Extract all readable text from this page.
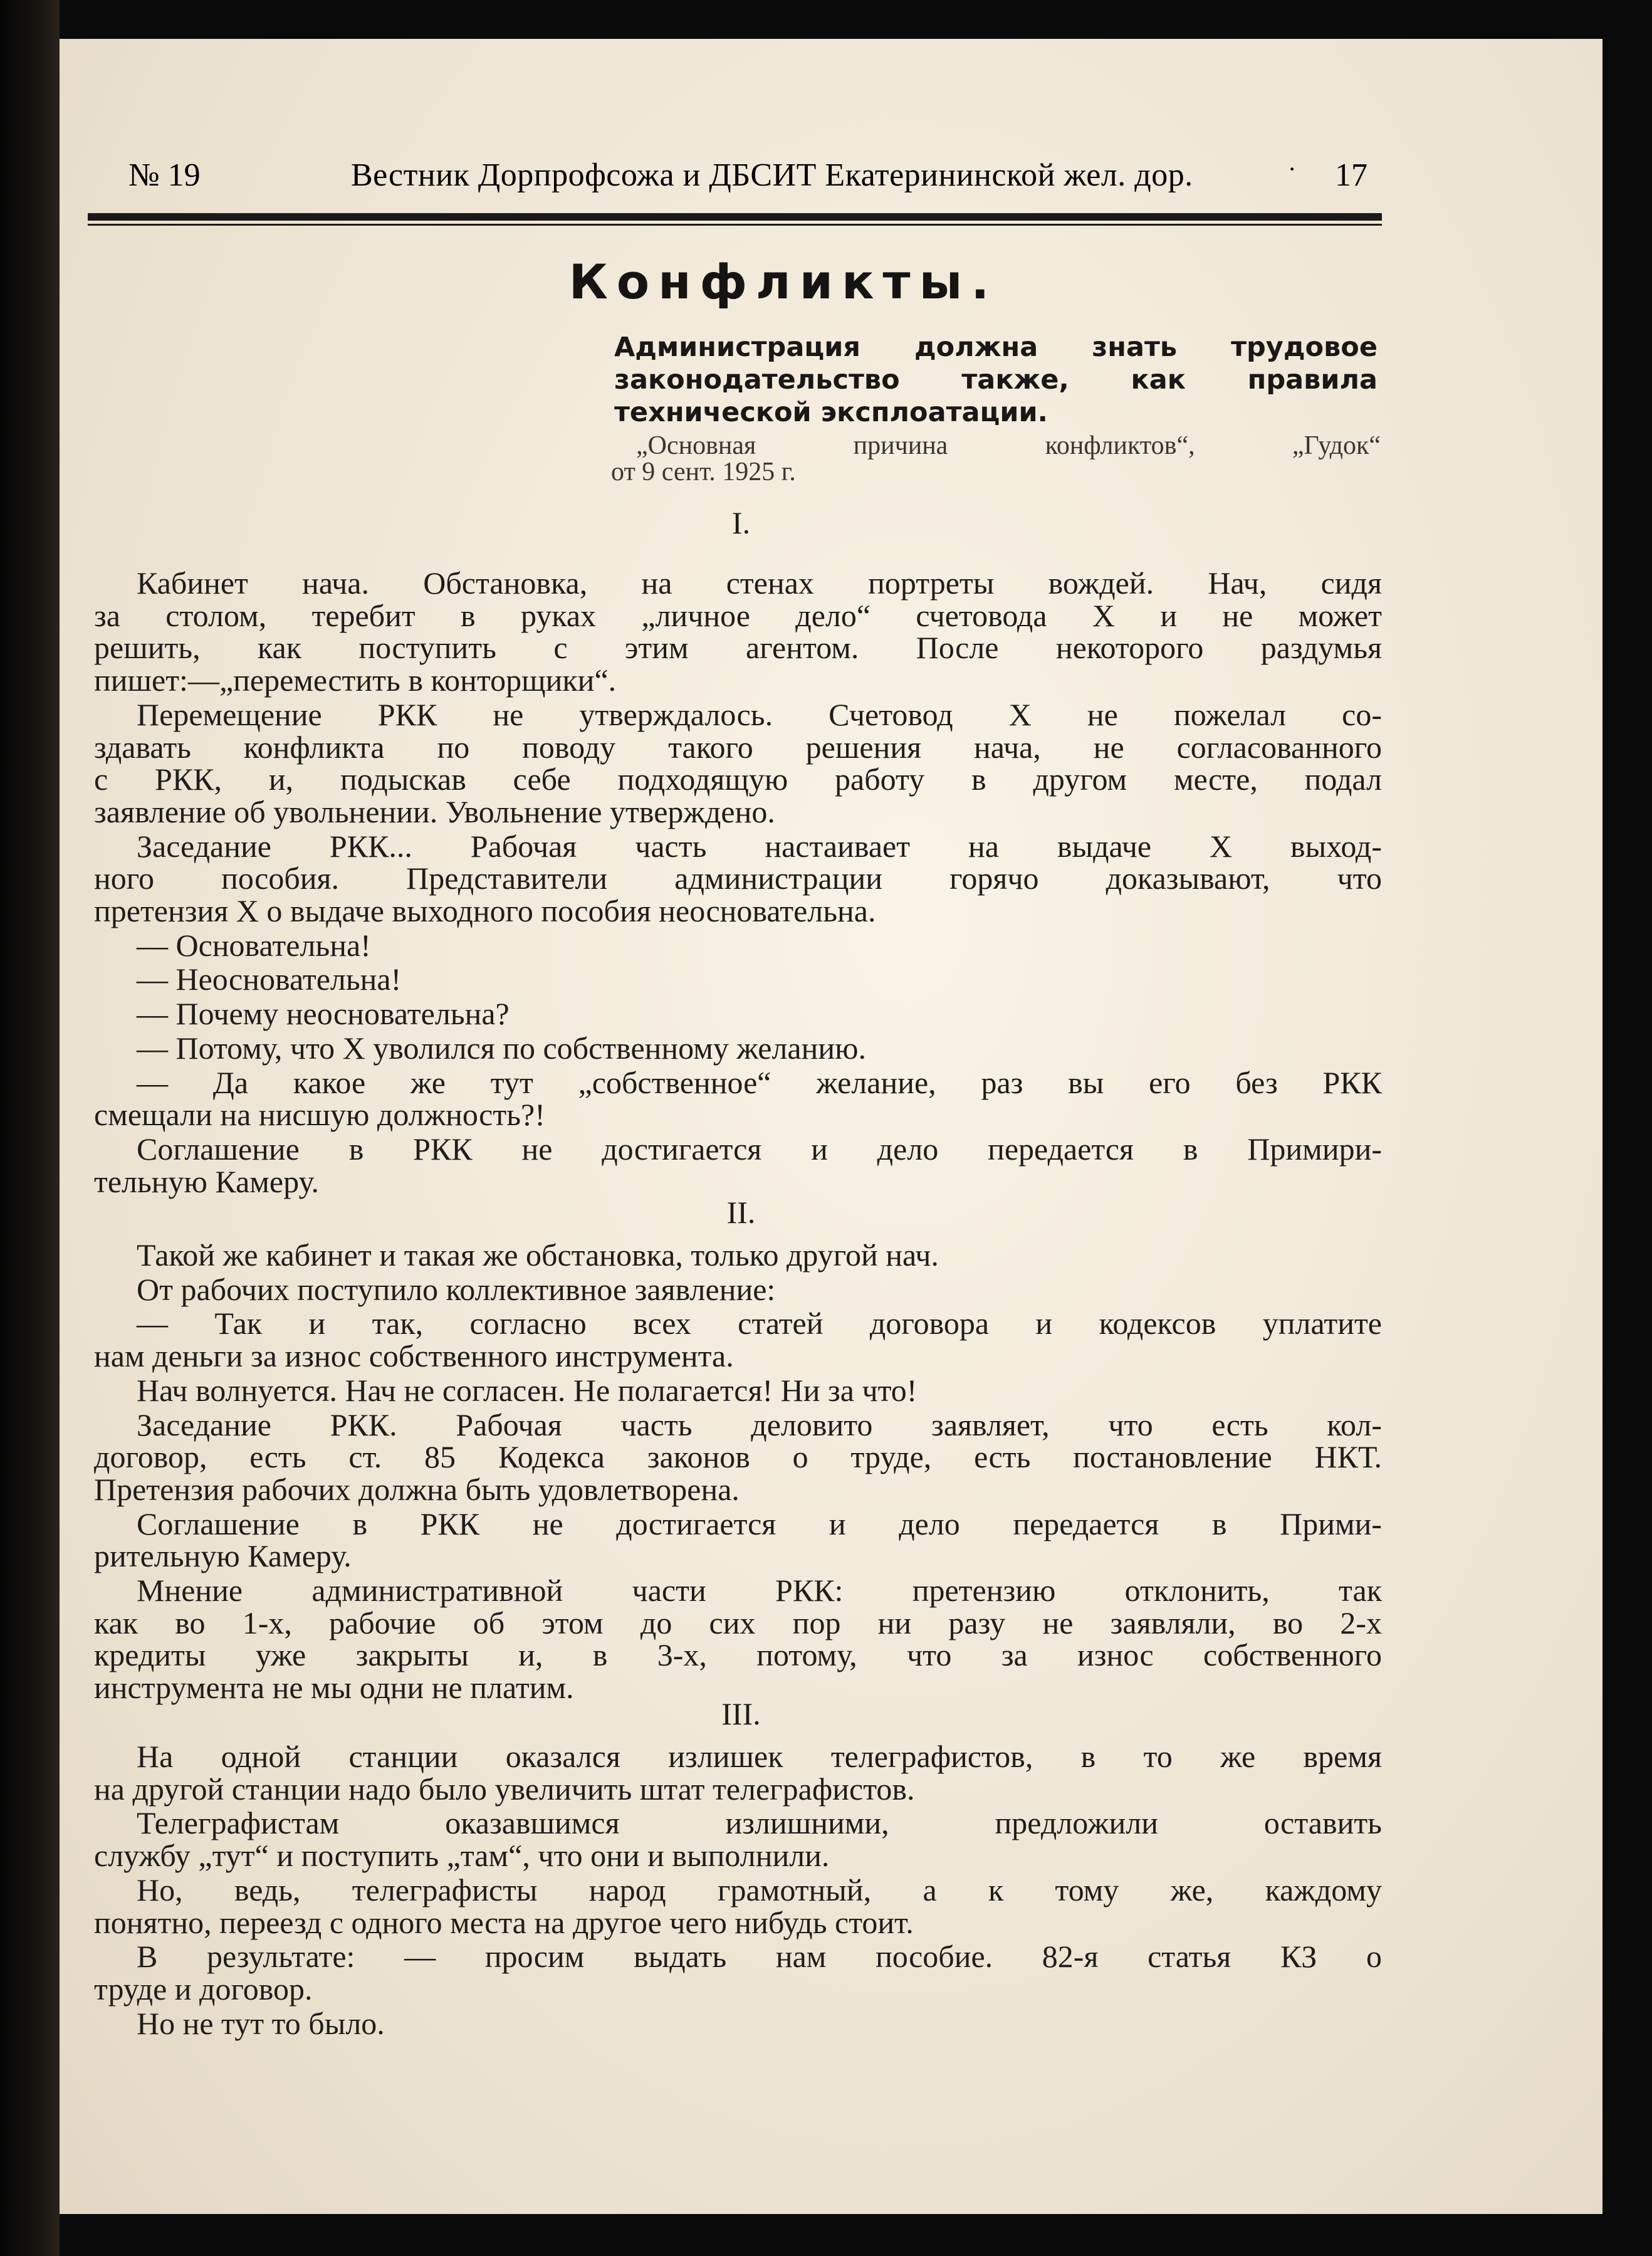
№ 19	Вестник Дорпрофсожа и ДБСИТ Екатерининской жел. дор.	· 17
Конфликты.
Администрация должна знать трудовое
законодательство также, как правила
технической эксплоатации.
„Основная причина конфликтов“, „Гудок“
от 9 сент. 1925 г.
I.
Кабинет нача. Обстановка, на стенах портреты вождей. Нач, сидя
за столом, теребит в руках „личное дело“ счетовода Х и не может
решить, как поступить с этим агентом. После некоторого раздумья
пишет:—„переместить в конторщики“.
Перемещение РКК не утверждалось. Счетовод Х не пожелал со-
здавать конфликта по поводу такого решения нача, не согласованного
с РКК, и, подыскав себе подходящую работу в другом месте, подал
заявление об увольнении. Увольнение утверждено.
Заседание РКК... Рабочая часть настаивает на выдаче Х выход-
ного пособия. Представители администрации горячо доказывают, что
претензия Х о выдаче выходного пособия неосновательна.
— Основательна!
— Неосновательна!
— Почему неосновательна?
— Потому, что Х уволился по собственному желанию.
— Да какое же тут „собственное“ желание, раз вы его без РКК
смещали на нисшую должность?!
Соглашение в РКК не достигается и дело передается в Примири-
тельную Камеру.
II.
Такой же кабинет и такая же обстановка, только другой нач.
От рабочих поступило коллективное заявление:
— Так и так, согласно всех статей договора и кодексов уплатите
нам деньги за износ собственного инструмента.
Нач волнуется. Нач не согласен. Не полагается! Ни за что!
Заседание РКК. Рабочая часть деловито заявляет, что есть кол-
договор, есть ст. 85 Кодекса законов о труде, есть постановление НКТ.
Претензия рабочих должна быть удовлетворена.
Соглашение в РКК не достигается и дело передается в Прими-
рительную Камеру.
Мнение административной части РКК: претензию отклонить, так
как во 1-х, рабочие об этом до сих пор ни разу не заявляли, во 2-х
кредиты уже закрыты и, в 3-х, потому, что за износ собственного
инструмента не мы одни не платим.
III.
На одной станции оказался излишек телеграфистов, в то же время
на другой станции надо было увеличить штат телеграфистов.
Телеграфистам оказавшимся излишними, предложили оставить
службу „тут“ и поступить „там“, что они и выполнили.
Но, ведь, телеграфисты народ грамотный, а к тому же, каждому
понятно, переезд с одного места на другое чего нибудь стоит.
В результате: — просим выдать нам пособие. 82-я статья КЗ о
труде и договор.
Но не тут то было.
